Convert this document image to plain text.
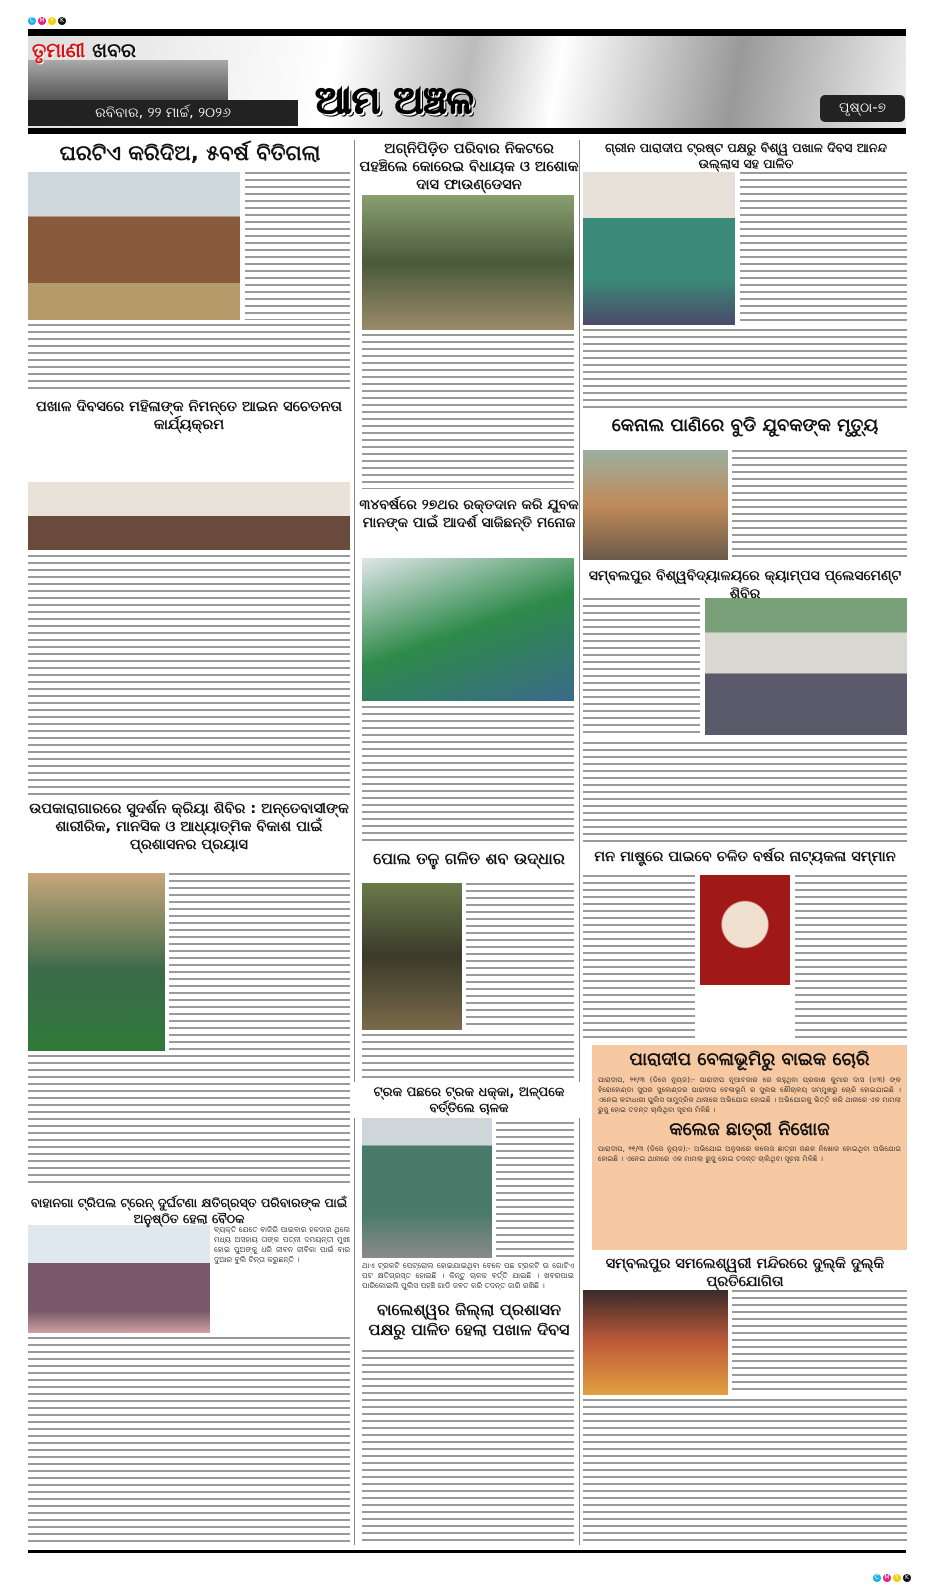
C M Y	K
ତୃମାଣୀ ଖବର
ରବିବାର, ୨୨ ମାର୍ଚ୍ଚ, ୨୦୨୬	ଆମ ଅଞ୍ଚଳ	ପୃଷ୍ଠା-୭
ଘରଟିଏ କରିଦିଅ, ୫ବର୍ଷ ବିତିଗଲା
ପଖାଳ ଦିବସରେ ମହିଳାଙ୍କ ନିମନ୍ତେ ଆଇନ ସଚେତନତା କାର୍ଯ୍ୟକ୍ରମ
ଉପକାରାଗାରରେ ସୁଦର୍ଶନ କ୍ରିୟା ଶିବିର : ଅନ୍ତେବାସୀଙ୍କ ଶାରୀରିକ, ମାନସିକ ଓ ଆଧ୍ୟାତ୍ମିକ ବିକାଶ ପାଇଁ ପ୍ରଶାସନର ପ୍ରୟାସ
ବାହାନଗା ଟ୍ରିପଲ ଟ୍ରେନ୍ ଦୁର୍ଘଟଣା କ୍ଷତିଗ୍ରସ୍ତ ପରିବାରଙ୍କ ପାଇଁ ଅନୁଷ୍ଠିତ ହେଲା ବୈଠକ
ବ୍ୟକ୍ତି ଯେତେ ବାଜିରି ପାଇବାର ହକଦାର ଥିଲେ ମଧ୍ୟ ଅସହାୟ ତାଙ୍କ ପତ୍ନୀ ଦମୟନ୍ତୀ ମୁଖୀ ହୋଇ ପୁଅଙ୍କୁ ଧରି ଜୀବନ ଜୀବିକା ପାଇଁ ବାର ଦୁଆର ବୁଲି ଚିନ୍ତା କରୁଛନ୍ତି ।
ଅଗ୍ନିପିଡ଼ିତ ପରିବାର ନିକଟରେ ପହଞ୍ଚିଲେ କୋରେଇ ବିଧାୟକ ଓ ଅଶୋକ ଦାସ ଫାଉଣ୍ଡେସନ
୩୪ବର୍ଷରେ ୨୭ଥର ରକ୍ତଦାନ କରି ଯୁବକ ମାନଙ୍କ ପାଇଁ ଆଦର୍ଶ ସାଜିଛନ୍ତି ମନୋଜ
ପୋଲ ତଳୁ ଗଳିତ ଶବ ଉଦ୍ଧାର
ଟ୍ରକ ପଛରେ ଟ୍ରକ ଧକ୍କା, ଅଳ୍ପକେ ବର୍ତ୍ତିଲେ ଚାଳକ
ଥାଏ ଟ୍ରକଟି ପେଟ୍ରୋଲ ହୋଇଯାଇଥିବା ବେଳେ ପଛ ଟ୍ରକଟି ଉ ଗୋଟିଏ ପଟ କ୍ଷତିଗ୍ରସ୍ତ ହୋଇଛି । କିନ୍ତୁ ଚାଳକ ବର୍ତ୍ତି ଯାଇଛି । ଖବରପାଇ ପାରିକୋଇଲି ପୁଲିସ ପହଞ୍ଚି ଗାଡି ଜବତ କରି ତଦନ୍ତ ଜାରି ରଖିଛି ।
ବାଲେଶ୍ୱର ଜିଲ୍ଲା ପ୍ରଶାସନ ପକ୍ଷରୁ ପାଳିତ ହେଲା ପଖାଳ ଦିବସ
ଗ୍ରୀନ ପାରାଦୀପ ଟ୍ରଷ୍ଟ ପକ୍ଷରୁ ବିଶ୍ୱ ପଖାଳ ଦିବସ ଆନନ୍ଦ ଉଲ୍ଲାସ ସହ ପାଳିତ
କେନାଲ ପାଣିରେ ବୁଡି ଯୁବକଙ୍କ ମୃତ୍ୟୁ
ସମ୍ବଲପୁର ବିଶ୍ୱବିଦ୍ୟାଳୟରେ କ୍ୟାମ୍ପସ ପ୍ଲେସମେଣ୍ଟ ଶିବିର
ମନ ମାଷ୍ଟ୍ରେ ପାଇବେ ଚଳିତ ବର୍ଷର ନାଟ୍ୟକଳା ସମ୍ମାନ
ପାରାଦୀପ ବେଳାଭୂମିରୁ ବାଇକ ଚୋରି
ପାରାଦୀପ, ୨୧/୩ (ଡିଜେ ନ୍ୟୁଜ):- ପାରାଦୀପ ନୂଆବଜାର ରେ ରହୁଥିବା ପ୍ରକାଶ କୁମାର ଦାସ (୪୩) ଙ୍କ ହିରୋହୋଣ୍ଡା ସୁପର ସ୍ପ୍ଲେଣ୍ଡର ପାରାଦୀପ ବେଳାଭୂମି ର ସୁଲଭ ଶୌଚାଳୟ ସମ୍ମୁଖରୁ ଚୋରି ହୋଇଯାଇଛି । ଏନେଇ କଟାଧାରୀ ପୁଲିସ ସାମୁଦ୍ରିକ ଥାନାରେ ଅଭିଯୋଗ ହୋଇଛି । ଅଭିଯୋଗକୁ ଭିତ୍ତି କରି ଥାନାରେ ଏକ ମାମଲା ରୁଜୁ ହୋଇ ତଦନ୍ତ ଚାଲିଥିବା ସୂଚନା ମିଳିଛି ।
କଲେଜ ଛାତ୍ରୀ ନିଖୋଜ
ପାରାଦୀପ, ୨୧/୩ (ଡିଜେ ନ୍ୟୁଜ):- ଅଭିଯୋଗ ଅନୁସାରେ କଲେଜ ଛାତ୍ରୀ ଜଣକ ନିଖୋଜ ହୋଇଥିବା ଅଭିଯୋଗ ହୋଇଛି । ଏନେଇ ଥାନାରେ ଏକ ମାମଲା ରୁଜୁ ହୋଇ ତଦନ୍ତ ଚାଲିଥିବା ସୂଚନା ମିଳିଛି ।
ସମ୍ବଲପୁର ସମଲେଶ୍ୱରୀ ମନ୍ଦିରରେ ଦୁଲ୍କି ଦୁଲ୍କି ପ୍ରତିଯୋଗିତା
C M Y	K
